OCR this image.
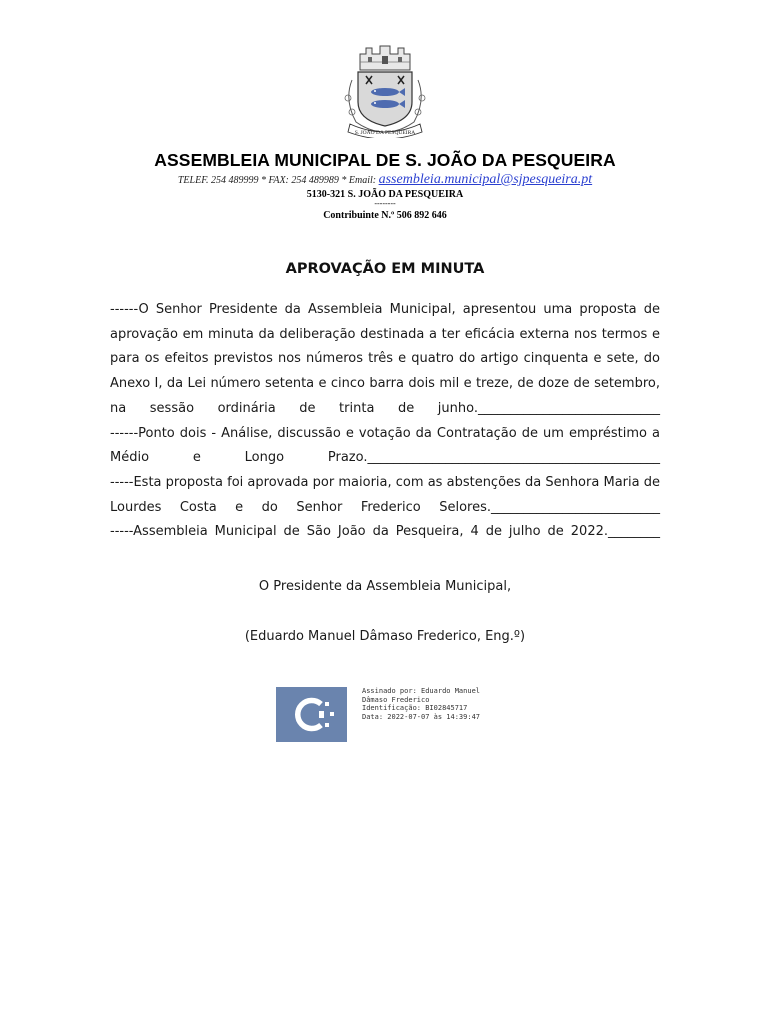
S. JOÃO DA PESQUEIRA
ASSEMBLEIA MUNICIPAL DE S. JOÃO DA PESQUEIRA
TELEF. 254 489999 * FAX: 254 489989 * Email: assembleia.municipal@sjpesqueira.pt
5130-321 S. JOÃO DA PESQUEIRA
--------
Contribuinte N.º 506 892 646
APROVAÇÃO EM MINUTA

------O Senhor Presidente da Assembleia Municipal, apresentou uma proposta de aprovação em minuta da deliberação destinada a ter eficácia externa nos termos e para os efeitos previstos nos números três e quatro do artigo cinquenta e sete, do Anexo I, da Lei número setenta e cinco barra dois mil e treze, de doze de setembro, na sessão ordinária de trinta de junho.____________________________

------Ponto dois - Análise, discussão e votação da Contratação de um empréstimo a Médio e Longo Prazo._____________________________________________

-----Esta proposta foi aprovada por maioria, com as abstenções da Senhora Maria de Lourdes Costa e do Senhor Frederico Selores.__________________________

-----Assembleia Municipal de São João da Pesqueira, 4 de julho de 2022.________

O Presidente da Assembleia Municipal,
(Eduardo Manuel Dâmaso Frederico, Eng.º)
Assinado por: Eduardo Manuel
Dâmaso Frederico
Identificação: BI02845717
Data: 2022-07-07 às 14:39:47
